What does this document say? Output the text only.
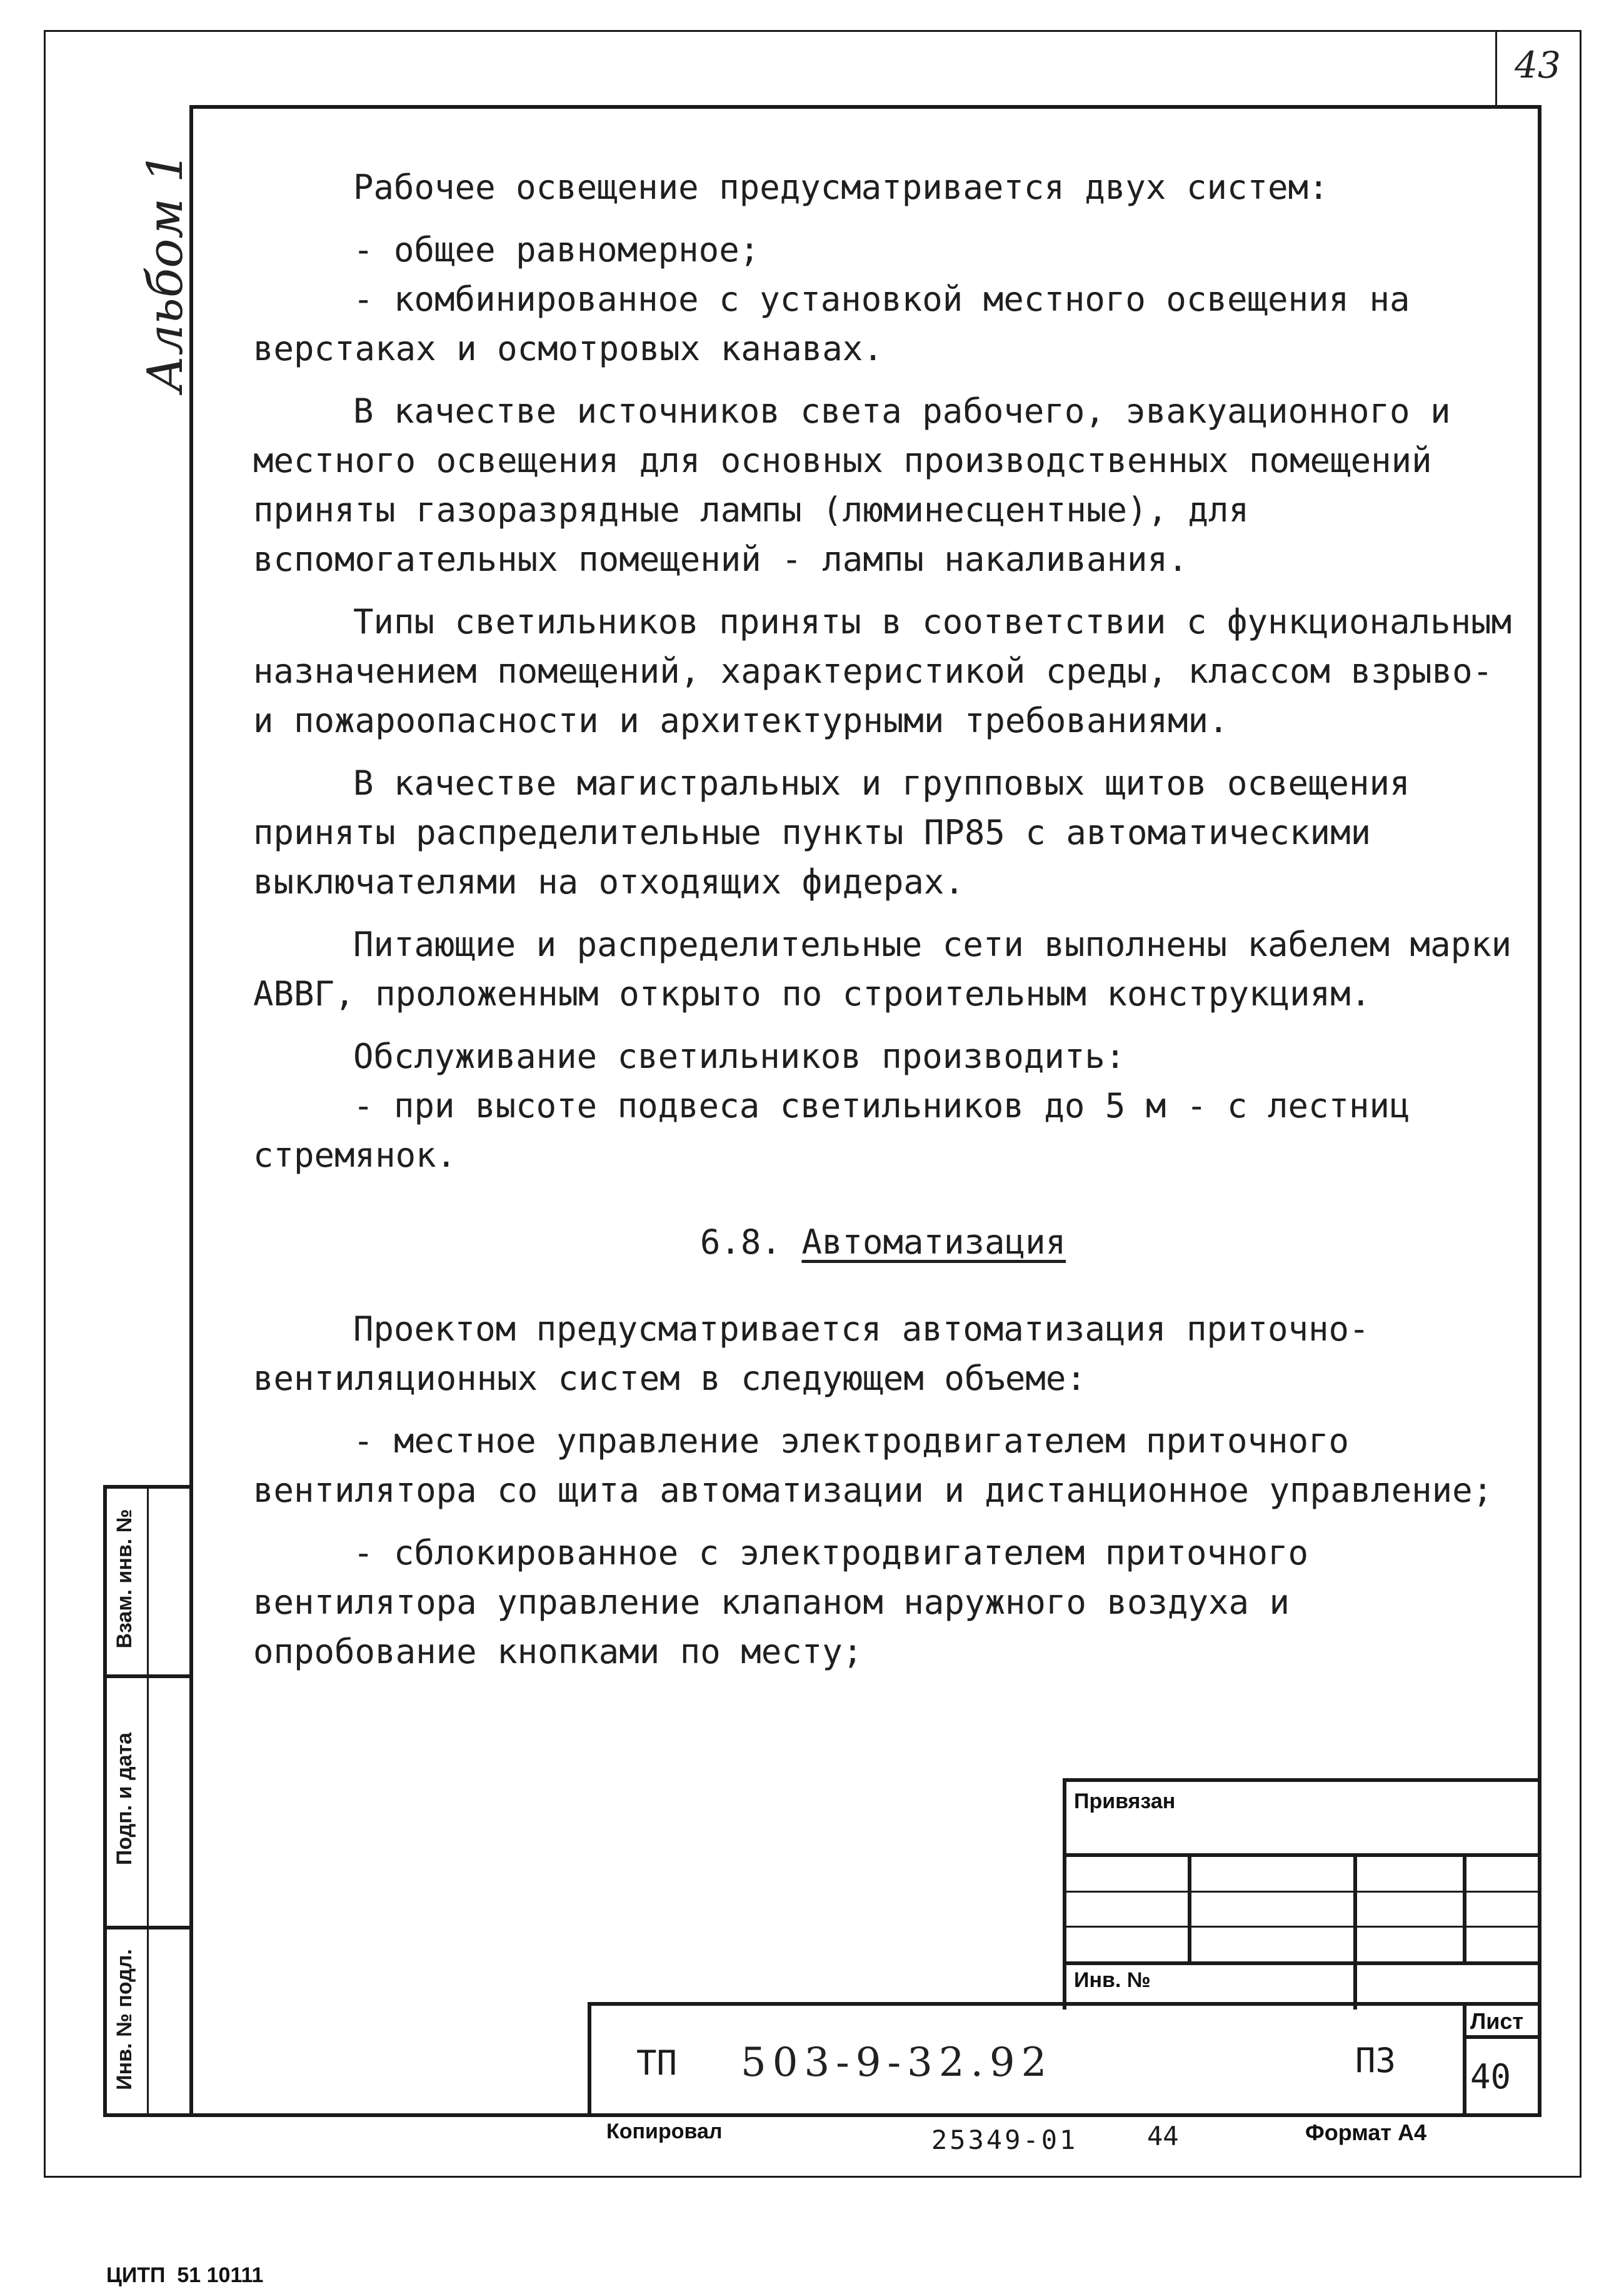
43
Альбом 1
Взам. инв. №
Подп. и дата
Инв. № подл.

Рабочее освещение предусматривается двух систем:

- общее равномерное;

- комбинированное с установкой местного освещения на верстаках и осмотровых канавах.

В качестве источников света рабочего, эвакуационного и местного освещения для основных производственных помещений приняты газоразрядные лампы (люминесцентные), для вспомогательных помещений - лампы накаливания.

Типы светильников приняты в соответствии с функциональным назначением помещений, характеристикой среды, классом взрыво- и пожароопасности и архитектурными требованиями.

В качестве магистральных и групповых щитов освещения приняты распределительные пункты ПР85 с автоматическими выключателями на отходящих фидерах.

Питающие и распределительные сети выполнены кабелем марки АВВГ, проложенным открыто по строительным конструкциям.

Обслуживание светильников производить:

- при высоте подвеса светильников до 5 м - с лестниц стремянок.

6.8. Автоматизация

Проектом предусматривается автоматизация приточно-вентиляционных систем в следующем объеме:

- местное управление электродвигателем приточного вентилятора со щита автоматизации и дистанционное управление;

- сблокированное с электродвигателем приточного вентилятора управление клапаном наружного воздуха и опробование кнопками по месту;

Привязан
Инв. №
ТП 503-9-32.92	ПЗ
Лист
40
Копировал	25349-01	44	Формат А4
ЦИТП  51 10111
